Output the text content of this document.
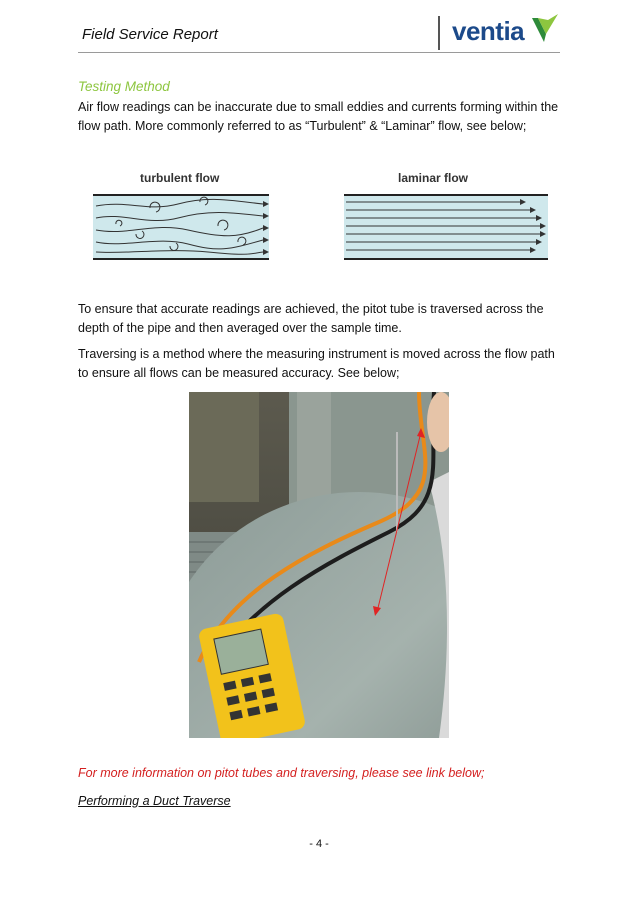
Field Service Report	ventia
Testing Method
Air flow readings can be inaccurate due to small eddies and currents forming within the flow path. More commonly referred to as “Turbulent” & “Laminar” flow, see below;
turbulent flow	laminar flow
To ensure that accurate readings are achieved, the pitot tube is traversed across the depth of the pipe and then averaged over the sample time.
Traversing is a method where the measuring instrument is moved across the flow path to ensure all flows can be measured accuracy. See below;
For more information on pitot tubes and traversing, please see link below;
Performing a Duct Traverse
- 4 -
